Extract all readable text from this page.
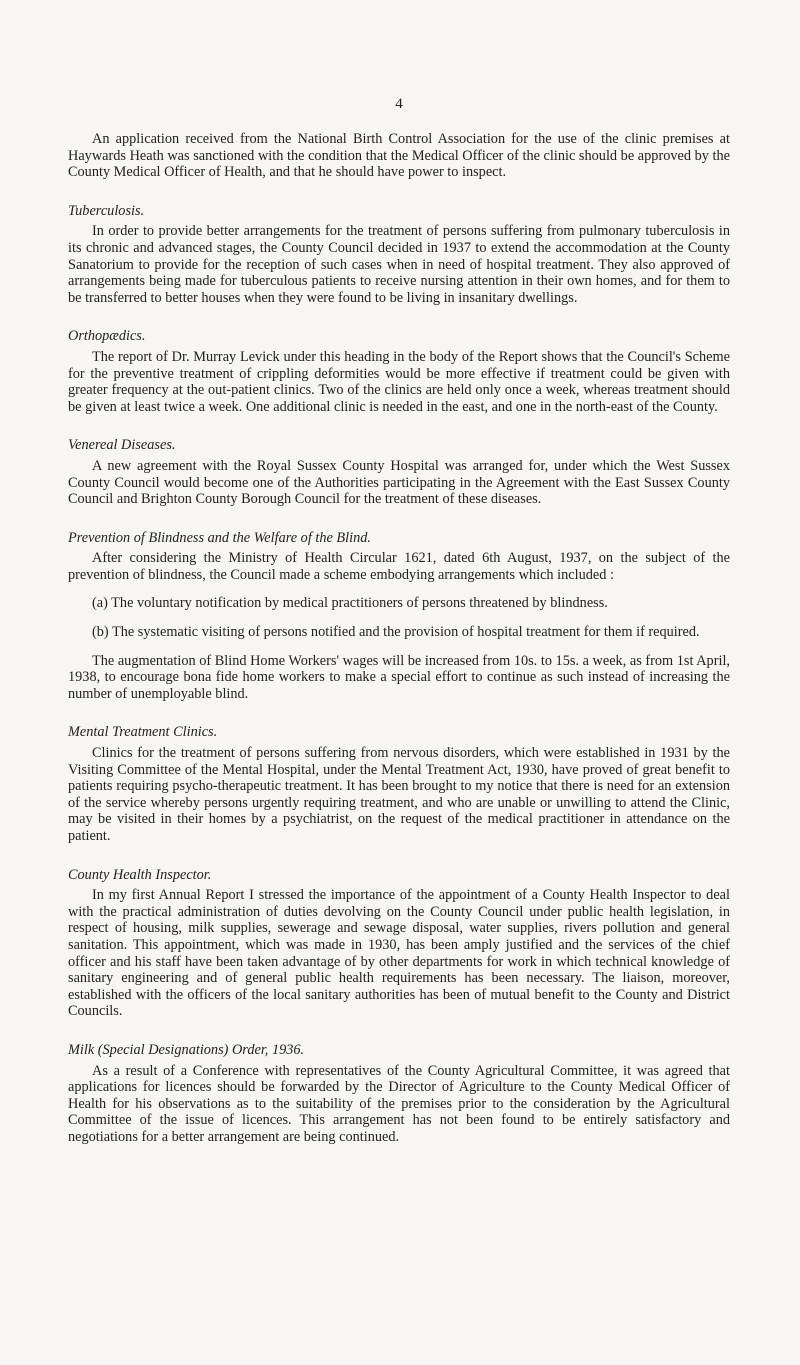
4

An application received from the National Birth Control Association for the use of the clinic premises at Haywards Heath was sanctioned with the condition that the Medical Officer of the clinic should be approved by the County Medical Officer of Health, and that he should have power to inspect.

Tuberculosis.

In order to provide better arrangements for the treatment of persons suffering from pulmonary tuberculosis in its chronic and advanced stages, the County Council decided in 1937 to extend the accommodation at the County Sanatorium to provide for the reception of such cases when in need of hospital treatment. They also approved of arrangements being made for tuberculous patients to receive nursing attention in their own homes, and for them to be transferred to better houses when they were found to be living in insanitary dwellings.

Orthopædics.

The report of Dr. Murray Levick under this heading in the body of the Report shows that the Council's Scheme for the preventive treatment of crippling deformities would be more effective if treatment could be given with greater frequency at the out-patient clinics. Two of the clinics are held only once a week, whereas treatment should be given at least twice a week. One additional clinic is needed in the east, and one in the north-east of the County.

Venereal Diseases.

A new agreement with the Royal Sussex County Hospital was arranged for, under which the West Sussex County Council would become one of the Authorities participating in the Agreement with the East Sussex County Council and Brighton County Borough Council for the treatment of these diseases.

Prevention of Blindness and the Welfare of the Blind.

After considering the Ministry of Health Circular 1621, dated 6th August, 1937, on the subject of the prevention of blindness, the Council made a scheme embodying arrangements which included :

(a) The voluntary notification by medical practitioners of persons threatened by blindness.

(b) The systematic visiting of persons notified and the provision of hospital treatment for them if required.

The augmentation of Blind Home Workers' wages will be increased from 10s. to 15s. a week, as from 1st April, 1938, to encourage bona fide home workers to make a special effort to continue as such instead of increasing the number of unemployable blind.

Mental Treatment Clinics.

Clinics for the treatment of persons suffering from nervous disorders, which were established in 1931 by the Visiting Committee of the Mental Hospital, under the Mental Treatment Act, 1930, have proved of great benefit to patients requiring psycho-therapeutic treatment. It has been brought to my notice that there is need for an extension of the service whereby persons urgently requiring treatment, and who are unable or unwilling to attend the Clinic, may be visited in their homes by a psychiatrist, on the request of the medical practitioner in attendance on the patient.

County Health Inspector.

In my first Annual Report I stressed the importance of the appointment of a County Health Inspector to deal with the practical administration of duties devolving on the County Council under public health legislation, in respect of housing, milk supplies, sewerage and sewage disposal, water supplies, rivers pollution and general sanitation. This appointment, which was made in 1930, has been amply justified and the services of the chief officer and his staff have been taken advantage of by other departments for work in which technical knowledge of sanitary engineering and of general public health requirements has been necessary. The liaison, moreover, established with the officers of the local sanitary authorities has been of mutual benefit to the County and District Councils.

Milk (Special Designations) Order, 1936.

As a result of a Conference with representatives of the County Agricultural Committee, it was agreed that applications for licences should be forwarded by the Director of Agriculture to the County Medical Officer of Health for his observations as to the suitability of the premises prior to the consideration by the Agricultural Committee of the issue of licences. This arrangement has not been found to be entirely satisfactory and negotiations for a better arrangement are being continued.
